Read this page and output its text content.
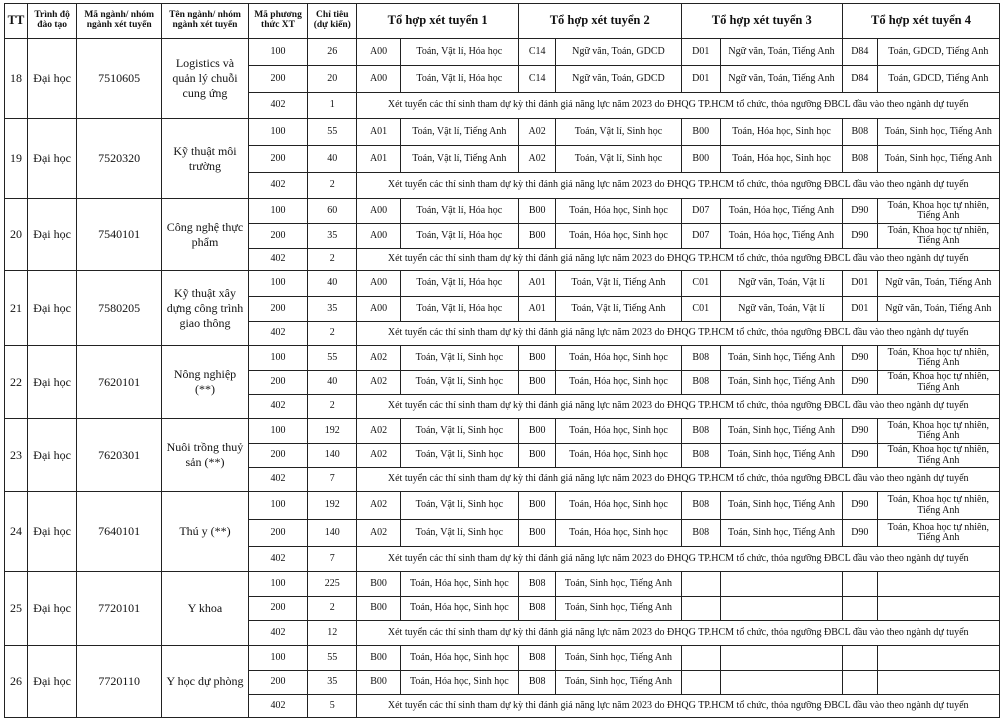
TT	Trình độ đào tạo	Mã ngành/ nhóm ngành xét tuyển	Tên ngành/ nhóm ngành xét tuyển	Mã phương thức XT	Chỉ tiêu (dự kiến)	Tổ hợp xét tuyển 1		Tổ hợp xét tuyển 2		Tổ hợp xét tuyển 3		Tổ hợp xét tuyển 4	
18	Đại học	7510605	Logistics và quản lý chuỗi cung ứng	100	26	A00	Toán, Vật lí, Hóa học	C14	Ngữ văn, Toán, GDCD	D01	Ngữ văn, Toán, Tiếng Anh	D84	Toán, GDCD, Tiếng Anh
				200	20	A00	Toán, Vật lí, Hóa học	C14	Ngữ văn, Toán, GDCD	D01	Ngữ văn, Toán, Tiếng Anh	D84	Toán, GDCD, Tiếng Anh
				402	1	Xét tuyển các thí sinh tham dự kỳ thi đánh giá năng lực năm 2023 do ĐHQG TP.HCM tổ chức, thỏa ngưỡng ĐBCL đầu vào theo ngành dự tuyển							
19	Đại học	7520320	Kỹ thuật môi trường	100	55	A01	Toán, Vật lí, Tiếng Anh	A02	Toán, Vật lí, Sinh học	B00	Toán, Hóa học, Sinh học	B08	Toán, Sinh học, Tiếng Anh
				200	40	A01	Toán, Vật lí, Tiếng Anh	A02	Toán, Vật lí, Sinh học	B00	Toán, Hóa học, Sinh học	B08	Toán, Sinh học, Tiếng Anh
				402	2	Xét tuyển các thí sinh tham dự kỳ thi đánh giá năng lực năm 2023 do ĐHQG TP.HCM tổ chức, thỏa ngưỡng ĐBCL đầu vào theo ngành dự tuyển							
20	Đại học	7540101	Công nghệ thực phẩm	100	60	A00	Toán, Vật lí, Hóa học	B00	Toán, Hóa học, Sinh học	D07	Toán, Hóa học, Tiếng Anh	D90	Toán, Khoa học tự nhiên, Tiếng Anh
				200	35	A00	Toán, Vật lí, Hóa học	B00	Toán, Hóa học, Sinh học	D07	Toán, Hóa học, Tiếng Anh	D90	Toán, Khoa học tự nhiên, Tiếng Anh
				402	2	Xét tuyển các thí sinh tham dự kỳ thi đánh giá năng lực năm 2023 do ĐHQG TP.HCM tổ chức, thỏa ngưỡng ĐBCL đầu vào theo ngành dự tuyển							
21	Đại học	7580205	Kỹ thuật xây dựng công trình giao thông	100	40	A00	Toán, Vật lí, Hóa học	A01	Toán, Vật lí, Tiếng Anh	C01	Ngữ văn, Toán, Vật lí	D01	Ngữ văn, Toán, Tiếng Anh
				200	35	A00	Toán, Vật lí, Hóa học	A01	Toán, Vật lí, Tiếng Anh	C01	Ngữ văn, Toán, Vật lí	D01	Ngữ văn, Toán, Tiếng Anh
				402	2	Xét tuyển các thí sinh tham dự kỳ thi đánh giá năng lực năm 2023 do ĐHQG TP.HCM tổ chức, thỏa ngưỡng ĐBCL đầu vào theo ngành dự tuyển							
22	Đại học	7620101	Nông nghiệp (**)	100	55	A02	Toán, Vật lí, Sinh học	B00	Toán, Hóa học, Sinh học	B08	Toán, Sinh học, Tiếng Anh	D90	Toán, Khoa học tự nhiên, Tiếng Anh
				200	40	A02	Toán, Vật lí, Sinh học	B00	Toán, Hóa học, Sinh học	B08	Toán, Sinh học, Tiếng Anh	D90	Toán, Khoa học tự nhiên, Tiếng Anh
				402	2	Xét tuyển các thí sinh tham dự kỳ thi đánh giá năng lực năm 2023 do ĐHQG TP.HCM tổ chức, thỏa ngưỡng ĐBCL đầu vào theo ngành dự tuyển							
23	Đại học	7620301	Nuôi trồng thuỷ sản (**)	100	192	A02	Toán, Vật lí, Sinh học	B00	Toán, Hóa học, Sinh học	B08	Toán, Sinh học, Tiếng Anh	D90	Toán, Khoa học tự nhiên, Tiếng Anh
				200	140	A02	Toán, Vật lí, Sinh học	B00	Toán, Hóa học, Sinh học	B08	Toán, Sinh học, Tiếng Anh	D90	Toán, Khoa học tự nhiên, Tiếng Anh
				402	7	Xét tuyển các thí sinh tham dự kỳ thi đánh giá năng lực năm 2023 do ĐHQG TP.HCM tổ chức, thỏa ngưỡng ĐBCL đầu vào theo ngành dự tuyển							
24	Đại học	7640101	Thú y (**)	100	192	A02	Toán, Vật lí, Sinh học	B00	Toán, Hóa học, Sinh học	B08	Toán, Sinh học, Tiếng Anh	D90	Toán, Khoa học tự nhiên, Tiếng Anh
				200	140	A02	Toán, Vật lí, Sinh học	B00	Toán, Hóa học, Sinh học	B08	Toán, Sinh học, Tiếng Anh	D90	Toán, Khoa học tự nhiên, Tiếng Anh
				402	7	Xét tuyển các thí sinh tham dự kỳ thi đánh giá năng lực năm 2023 do ĐHQG TP.HCM tổ chức, thỏa ngưỡng ĐBCL đầu vào theo ngành dự tuyển							
25	Đại học	7720101	Y khoa	100	225	B00	Toán, Hóa học, Sinh học	B08	Toán, Sinh học, Tiếng Anh				
				200	2	B00	Toán, Hóa học, Sinh học	B08	Toán, Sinh học, Tiếng Anh				
				402	12	Xét tuyển các thí sinh tham dự kỳ thi đánh giá năng lực năm 2023 do ĐHQG TP.HCM tổ chức, thỏa ngưỡng ĐBCL đầu vào theo ngành dự tuyển							
26	Đại học	7720110	Y học dự phòng	100	55	B00	Toán, Hóa học, Sinh học	B08	Toán, Sinh học, Tiếng Anh				
				200	35	B00	Toán, Hóa học, Sinh học	B08	Toán, Sinh học, Tiếng Anh				
				402	5	Xét tuyển các thí sinh tham dự kỳ thi đánh giá năng lực năm 2023 do ĐHQG TP.HCM tổ chức, thỏa ngưỡng ĐBCL đầu vào theo ngành dự tuyển							
